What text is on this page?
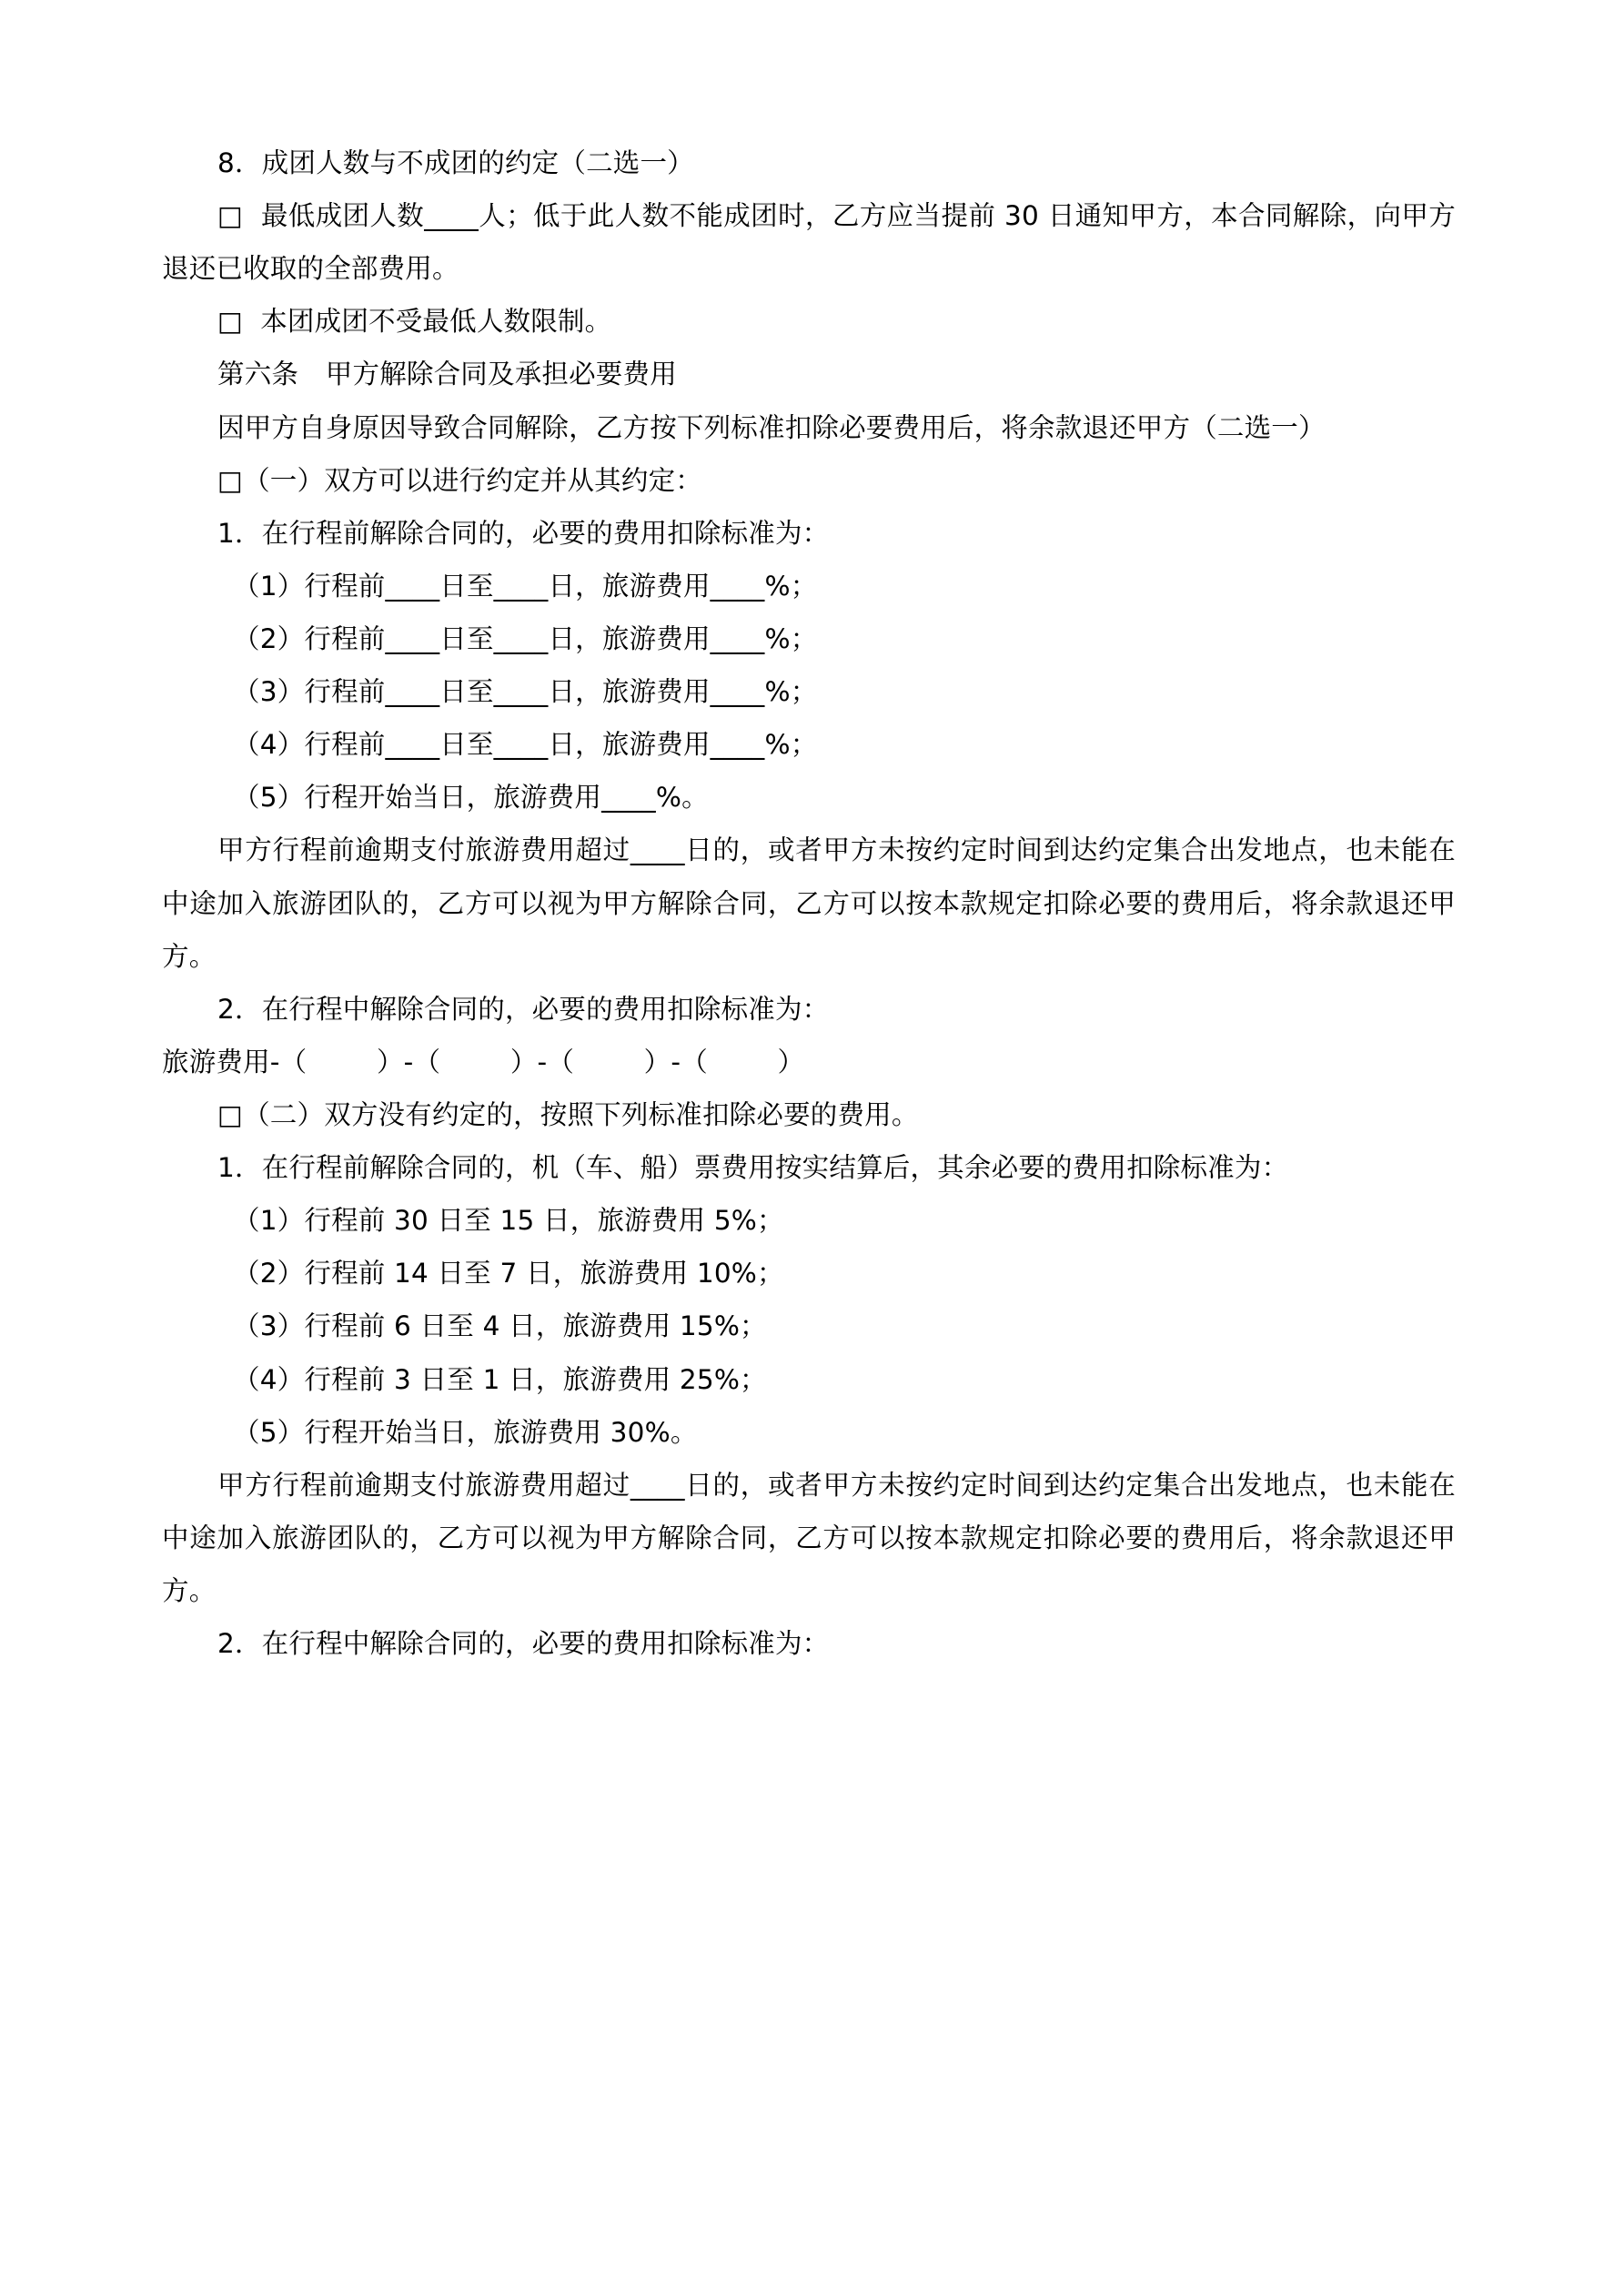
8．成团人数与不成团的约定（二选一）

□  最低成团人数____人；低于此人数不能成团时，乙方应当提前 30 日通知甲方，本合同解除，向甲方退还已收取的全部费用。

□  本团成团不受最低人数限制。

第六条　甲方解除合同及承担必要费用

因甲方自身原因导致合同解除，乙方按下列标准扣除必要费用后，将余款退还甲方（二选一）

□（一）双方可以进行约定并从其约定：

1．在行程前解除合同的，必要的费用扣除标准为：

（1）行程前____日至____日，旅游费用____%；

（2）行程前____日至____日，旅游费用____%；

（3）行程前____日至____日，旅游费用____%；

（4）行程前____日至____日，旅游费用____%；

（5）行程开始当日，旅游费用____%。

甲方行程前逾期支付旅游费用超过____日的，或者甲方未按约定时间到达约定集合出发地点，也未能在中途加入旅游团队的，乙方可以视为甲方解除合同，乙方可以按本款规定扣除必要的费用后，将余款退还甲方。

2．在行程中解除合同的，必要的费用扣除标准为：

旅游费用-（        ）-（        ）-（        ）-（        ）

□（二）双方没有约定的，按照下列标准扣除必要的费用。

1．在行程前解除合同的，机（车、船）票费用按实结算后，其余必要的费用扣除标准为：

（1）行程前 30 日至 15 日，旅游费用 5%；

（2）行程前 14 日至 7 日，旅游费用 10%；

（3）行程前 6 日至 4 日，旅游费用 15%；

（4）行程前 3 日至 1 日，旅游费用 25%；

（5）行程开始当日，旅游费用 30%。

甲方行程前逾期支付旅游费用超过____日的，或者甲方未按约定时间到达约定集合出发地点，也未能在中途加入旅游团队的，乙方可以视为甲方解除合同，乙方可以按本款规定扣除必要的费用后，将余款退还甲方。

2．在行程中解除合同的，必要的费用扣除标准为：
